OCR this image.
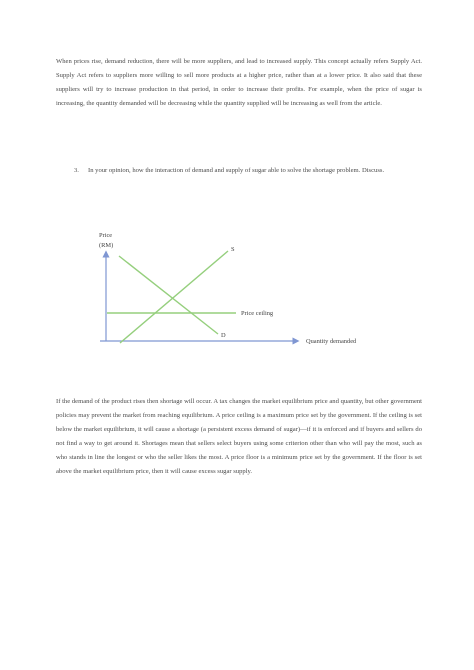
When prices rise, demand reduction, there will be more suppliers, and lead to increased supply. This concept actually refers Supply Act. Supply Act refers to suppliers more willing to sell more products at a higher price, rather than at a lower price. It also said that these suppliers will try to increase production in that period, in order to increase their profits. For example, when the price of sugar is increasing, the quantity demanded will be decreasing while the quantity supplied will be increasing as well from the article.

3.	In your opinion, how the interaction of demand and supply of sugar able to solve the shortage problem. Discuss.
Price
(RM)
S
D
Price ceiling
Quantity demanded

If the demand of the product rises then shortage will occur. A tax changes the market equilibrium price and quantity, but other government policies may prevent the market from reaching equilibrium. A price ceiling is a maximum price set by the government. If the ceiling is set below the market equilibrium, it will cause a shortage (a persistent excess demand of sugar)—if it is enforced and if buyers and sellers do not find a way to get around it. Shortages mean that sellers select buyers using some criterion other than who will pay the most, such as who stands in line the longest or who the seller likes the most. A price floor is a minimum price set by the government. If the floor is set above the market equilibrium price, then it will cause excess sugar supply.
